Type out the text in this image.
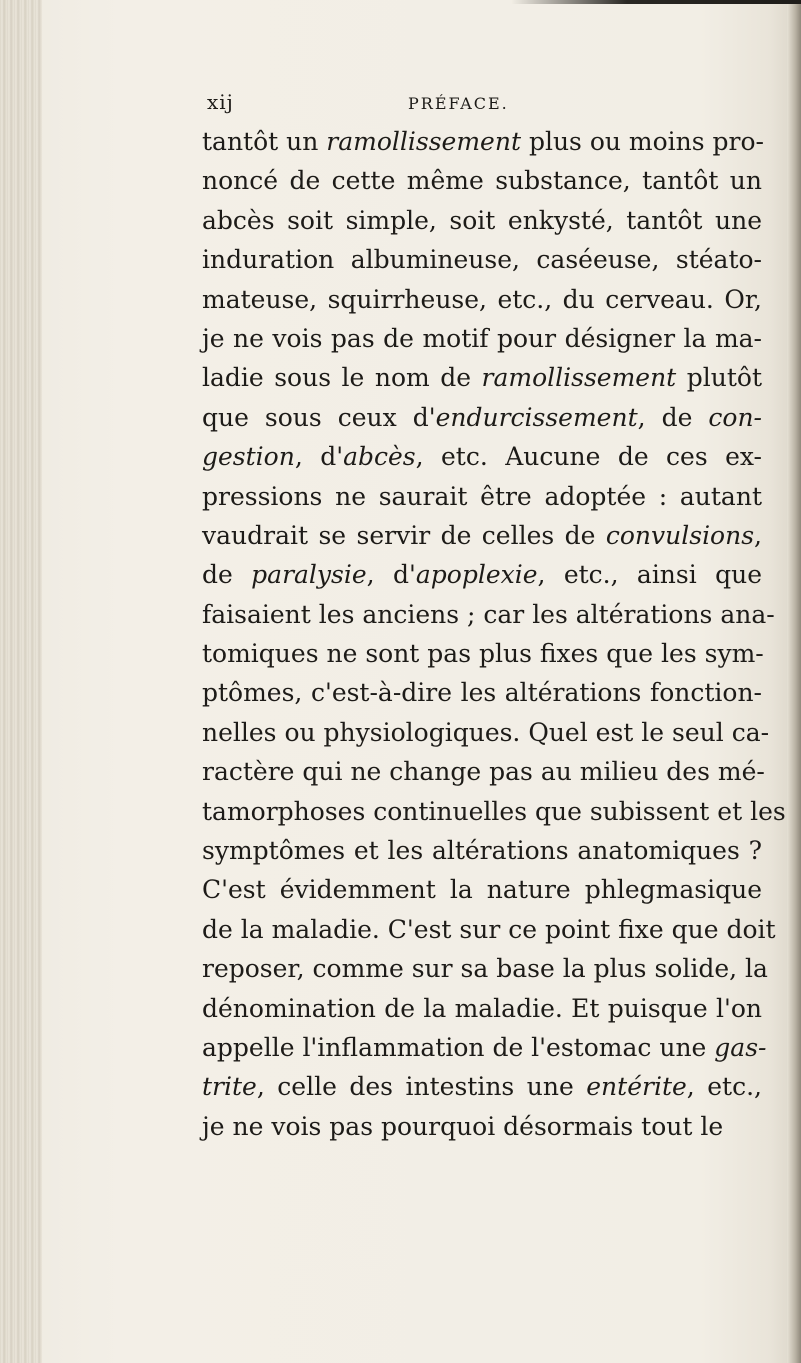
xij	PRÉFACE.
tantôt un ramollissement plus ou moins pro-
noncé de cette même substance, tantôt un
abcès soit simple, soit enkysté, tantôt une
induration albumineuse, caséeuse, stéato-
mateuse, squirrheuse, etc., du cerveau. Or,
je ne vois pas de motif pour désigner la ma-
ladie sous le nom de ramollissement plutôt
que sous ceux d'endurcissement, de con-
gestion, d'abcès, etc. Aucune de ces ex-
pressions ne saurait être adoptée : autant
vaudrait se servir de celles de convulsions,
de paralysie, d'apoplexie, etc., ainsi que
faisaient les anciens ; car les altérations ana-
tomiques ne sont pas plus fixes que les sym-
ptômes, c'est-à-dire les altérations fonction-
nelles ou physiologiques. Quel est le seul ca-
ractère qui ne change pas au milieu des mé-
tamorphoses continuelles que subissent et les
symptômes et les altérations anatomiques ?
C'est évidemment la nature phlegmasique
de la maladie. C'est sur ce point fixe que doit
reposer, comme sur sa base la plus solide, la
dénomination de la maladie. Et puisque l'on
appelle l'inflammation de l'estomac une gas-
trite, celle des intestins une entérite, etc.,
je ne vois pas pourquoi désormais tout le
